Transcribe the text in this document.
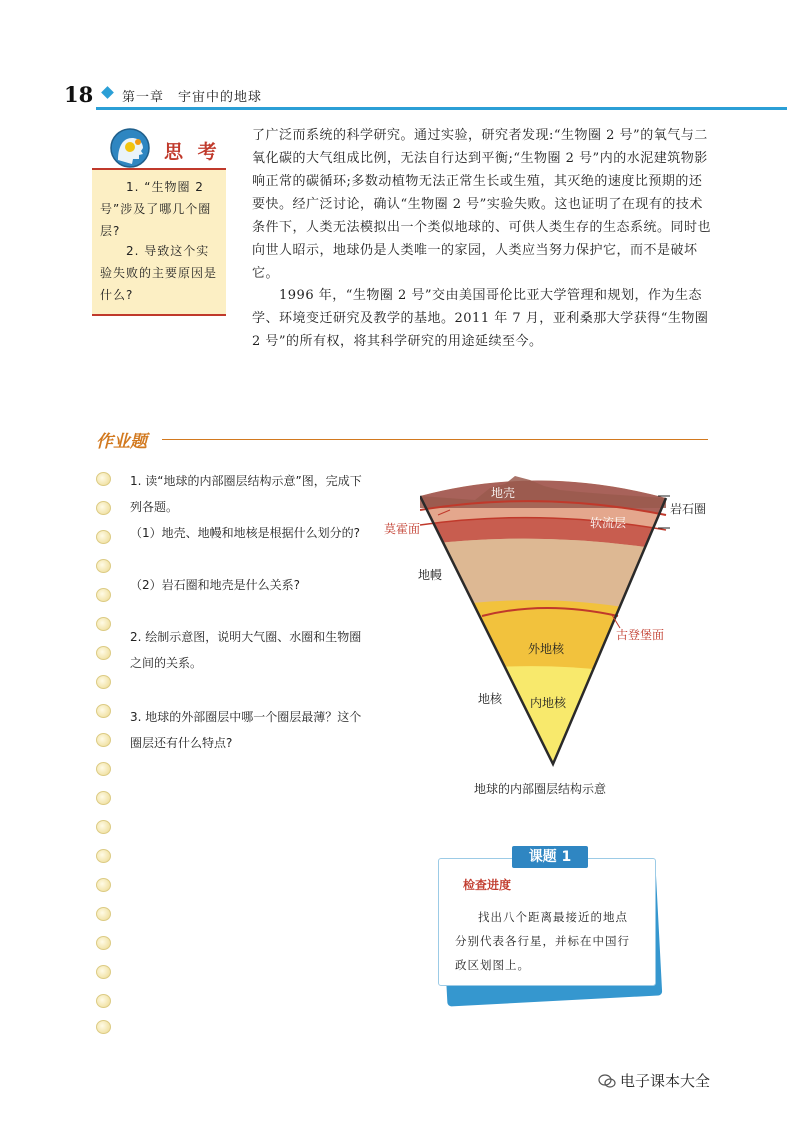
18 第一章　宇宙中的地球
思 考
　　1. “生物圈 2 号”涉及了哪几个圈层?
　　2. 导致这个实验失败的主要原因是什么?
了广泛而系统的科学研究。通过实验，研究者发现:“生物圈 2 号”的氧气与二氧化碳的大气组成比例，无法自行达到平衡;“生物圈 2 号”内的水泥建筑物影响正常的碳循环;多数动植物无法正常生长或生殖，其灭绝的速度比预期的还要快。经广泛讨论，确认“生物圈 2 号”实验失败。这也证明了在现有的技术条件下，人类无法模拟出一个类似地球的、可供人类生存的生态系统。同时也向世人昭示，地球仍是人类唯一的家园，人类应当努力保护它，而不是破坏它。
　　1996 年，“生物圈 2 号”交由美国哥伦比亚大学管理和规划，作为生态学、环境变迁研究及教学的基地。2011 年 7 月，亚利桑那大学获得“生物圈 2 号”的所有权，将其科学研究的用途延续至今。
作业题
1. 读“地球的内部圈层结构示意”图，完成下列各题。
（1）地壳、地幔和地核是根据什么划分的?
（2）岩石圈和地壳是什么关系?
2. 绘制示意图，说明大气圈、水圈和生物圈之间的关系。
3. 地球的外部圈层中哪一个圈层最薄？这个圈层还有什么特点?
地壳
岩石圈
莫霍面	软流层
地幔
古登堡面
外地核
地核 内地核
地球的内部圈层结构示意
课题 1
检查进度
找出八个距离最接近的地点分别代表各行星，并标在中国行政区划图上。
电子课本大全
